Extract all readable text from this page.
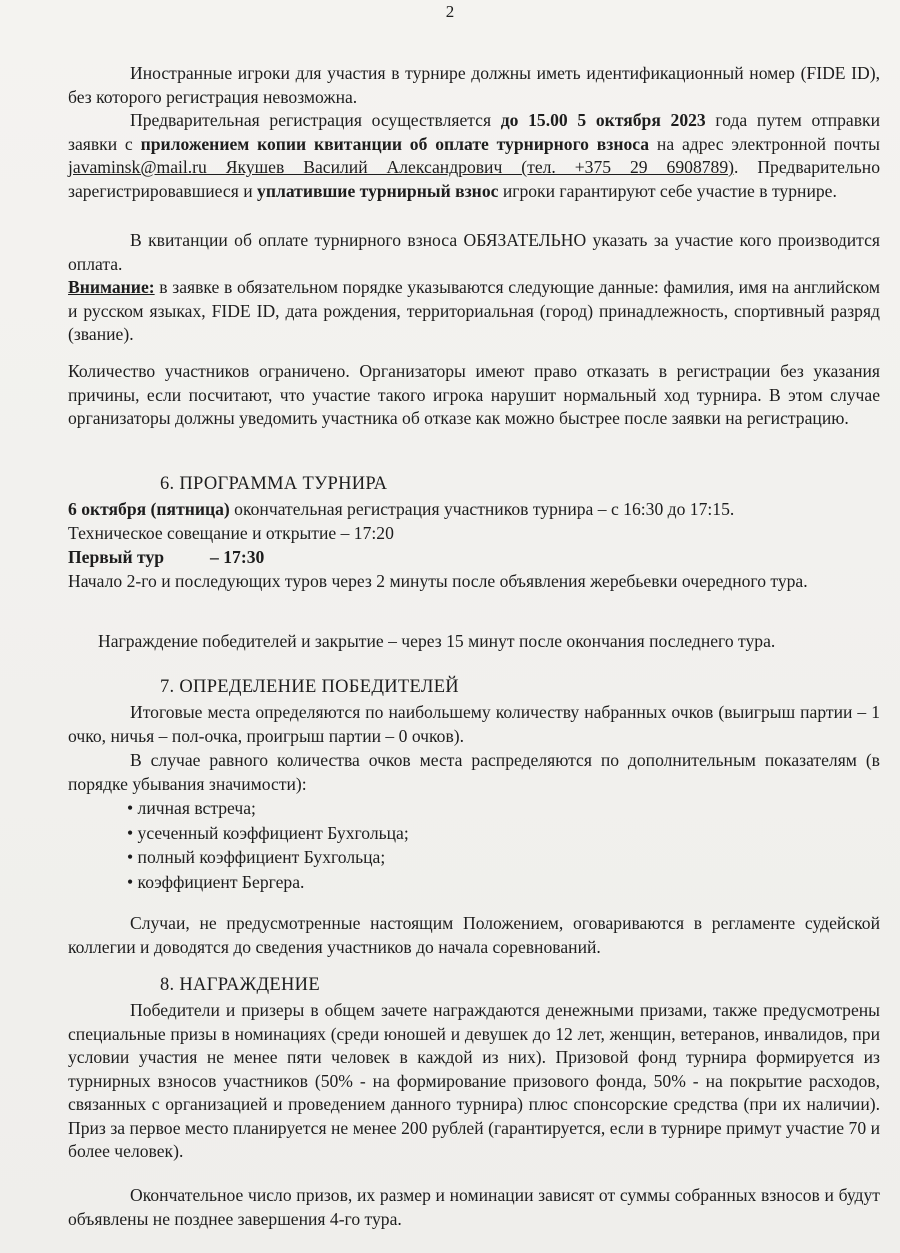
2

Иностранные игроки для участия в турнире должны иметь идентификационный номер (FIDE ID), без которого регистрация невозможна.

Предварительная регистрация осуществляется до 15.00 5 октября 2023 года путем отправки заявки с приложением копии квитанции об оплате турнирного взноса на адрес электронной почты javaminsk@mail.ru Якушев Василий Александрович (тел. +375 29 6908789). Предварительно зарегистрировавшиеся и уплатившие турнирный взнос игроки гарантируют себе участие в турнире.

В квитанции об оплате турнирного взноса ОБЯЗАТЕЛЬНО указать за участие кого производится оплата.

Внимание: в заявке в обязательном порядке указываются следующие данные: фамилия, имя на английском и русском языках, FIDE ID, дата рождения, территориальная (город) принадлежность, спортивный разряд (звание).

Количество участников ограничено. Организаторы имеют право отказать в регистрации без указания причины, если посчитают, что участие такого игрока нарушит нормальный ход турнира. В этом случае организаторы должны уведомить участника об отказе как можно быстрее после заявки на регистрацию.

6. ПРОГРАММА ТУРНИРА

6 октября (пятница) окончательная регистрация участников турнира – с 16:30 до 17:15.

Техническое совещание и открытие – 17:20

Первый тур	– 17:30

Начало 2-го и последующих туров через 2 минуты после объявления жеребьевки очередного тура.

Награждение победителей и закрытие – через 15 минут после окончания последнего тура.

7. ОПРЕДЕЛЕНИЕ ПОБЕДИТЕЛЕЙ

Итоговые места определяются по наибольшему количеству набранных очков (выигрыш партии – 1 очко, ничья – пол-очка, проигрыш партии – 0 очков).

В случае равного количества очков места распределяются по дополнительным показателям (в порядке убывания значимости):

• личная встреча;

• усеченный коэффициент Бухгольца;

• полный коэффициент Бухгольца;

• коэффициент Бергера.

Случаи, не предусмотренные настоящим Положением, оговариваются в регламенте судейской коллегии и доводятся до сведения участников до начала соревнований.

8. НАГРАЖДЕНИЕ

Победители и призеры в общем зачете награждаются денежными призами, также предусмотрены специальные призы в номинациях (среди юношей и девушек до 12 лет, женщин, ветеранов, инвалидов, при условии участия не менее пяти человек в каждой из них). Призовой фонд турнира формируется из турнирных взносов участников (50% - на формирование призового фонда, 50% - на покрытие расходов, связанных с организацией и проведением данного турнира) плюс спонсорские средства (при их наличии). Приз за первое место планируется не менее 200 рублей (гарантируется, если в турнире примут участие 70 и более человек).

Окончательное число призов, их размер и номинации зависят от суммы собранных взносов и будут объявлены не позднее завершения 4-го тура.
